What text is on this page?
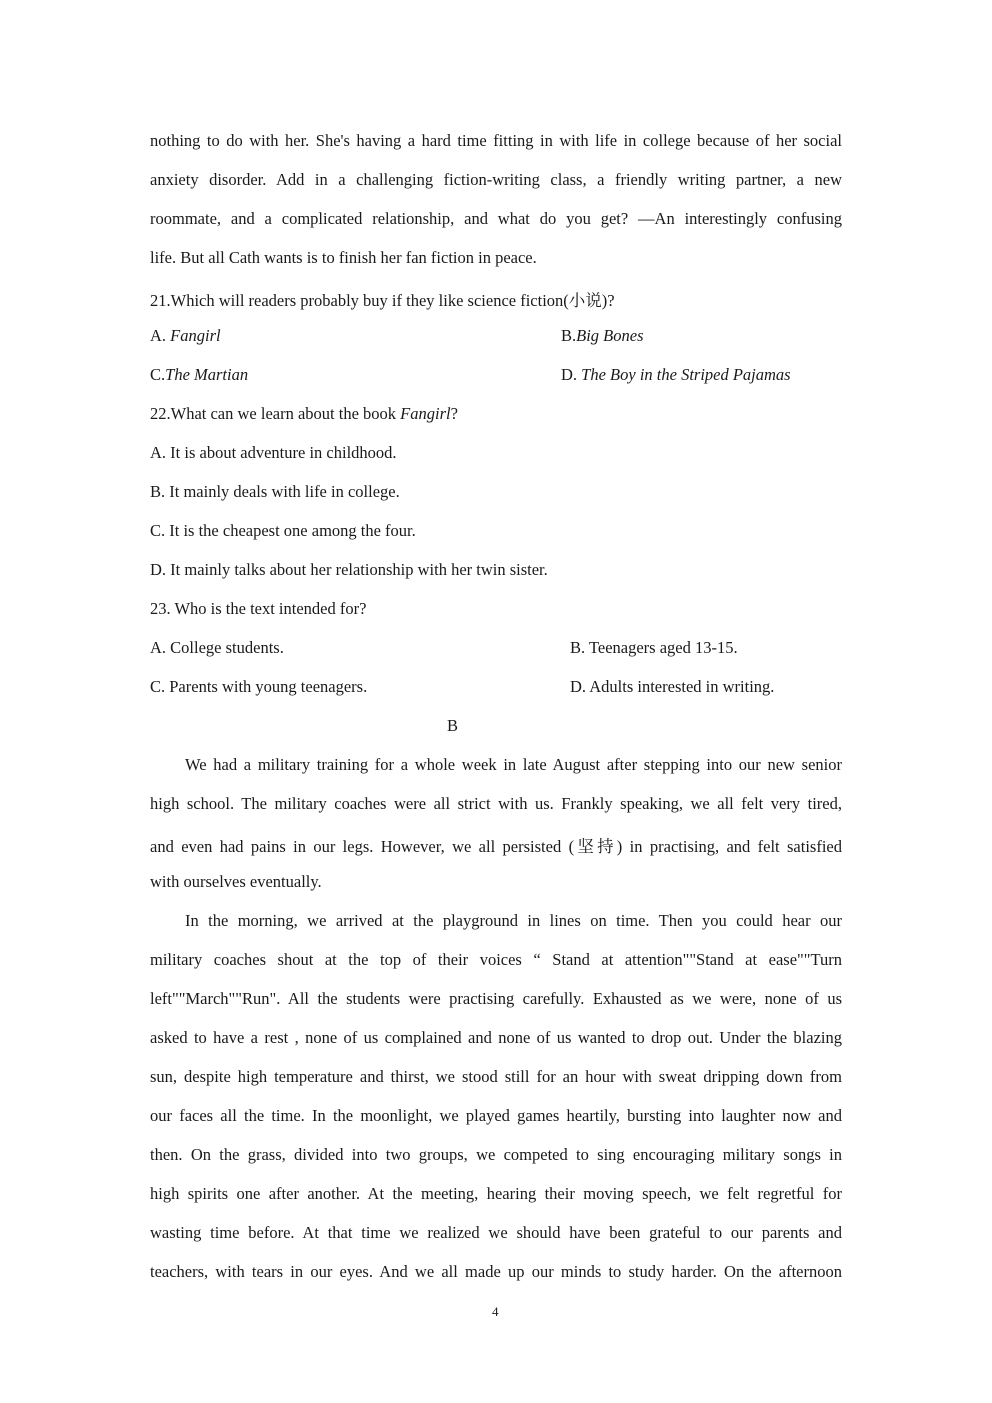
nothing to do with her. She's having a hard time fitting in with life in college because of her social
anxiety disorder. Add in a challenging fiction-writing class, a friendly writing partner, a new
roommate, and a complicated relationship, and what do you get? —An interestingly confusing
life. But all Cath wants is to finish her fan fiction in peace.
21.Which will readers probably buy if they like science fiction(小说)?
A. Fangirl	B.Big Bones
C.The Martian	D. The Boy in the Striped Pajamas
22.What can we learn about the book Fangirl?
A. It is about adventure in childhood.
B. It mainly deals with life in college.
C. It is the cheapest one among the four.
D. It mainly talks about her relationship with her twin sister.
23. Who is the text intended for?
A. College students.	B. Teenagers aged 13-15.
C. Parents with young teenagers.	D. Adults interested in writing.
B
We had a military training for a whole week in late August after stepping into our new senior
high school. The military coaches were all strict with us. Frankly speaking, we all felt very tired,
and even had pains in our legs. However, we all persisted (坚持) in practising, and felt satisfied
with ourselves eventually.
In the morning, we arrived at the playground in lines on time. Then you could hear our
military coaches shout at the top of their voices “ Stand at attention""Stand at ease""Turn
left""March""Run". All the students were practising carefully. Exhausted as we were, none of us
asked to have a rest , none of us complained and none of us wanted to drop out. Under the blazing
sun, despite high temperature and thirst, we stood still for an hour with sweat dripping down from
our faces all the time. In the moonlight, we played games heartily, bursting into laughter now and
then. On the grass, divided into two groups, we competed to sing encouraging military songs in
high spirits one after another. At the meeting, hearing their moving speech, we felt regretful for
wasting time before. At that time we realized we should have been grateful to our parents and
teachers, with tears in our eyes. And we all made up our minds to study harder. On the afternoon
4
